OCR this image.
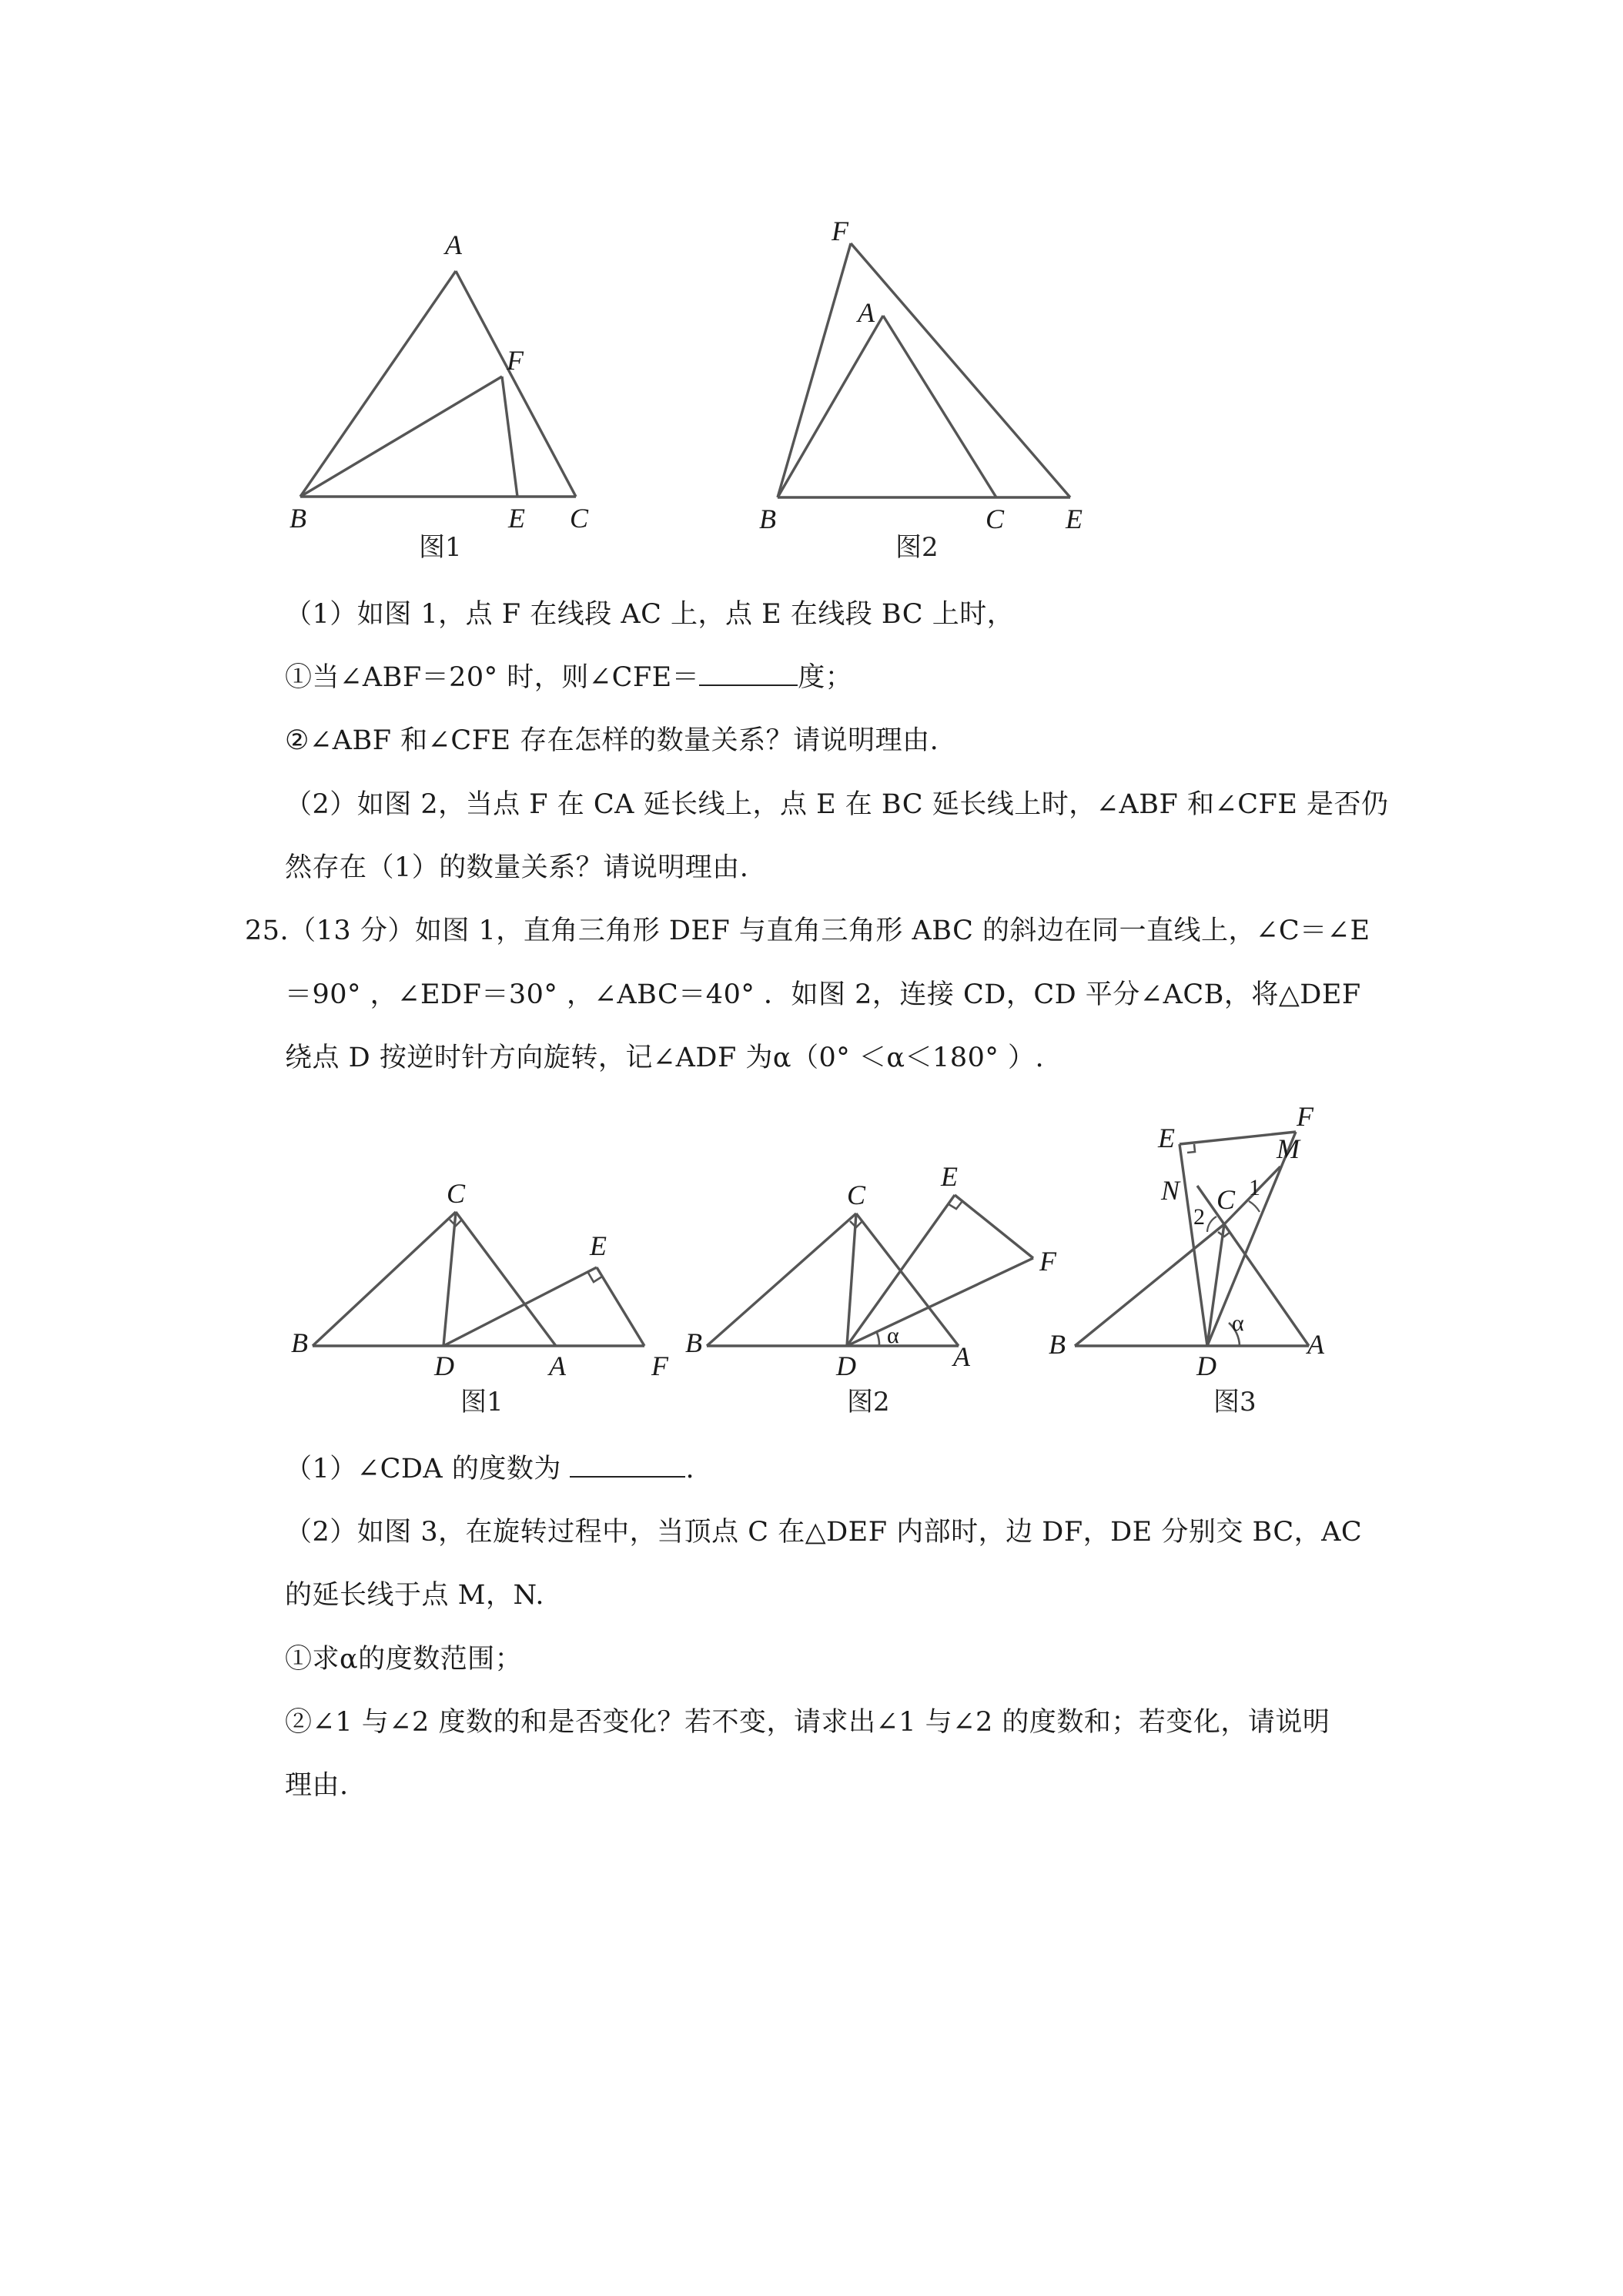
A
F
B	E C
图1
F
A
B	C E
图2
（1）如图 1，点 F 在线段 AC 上，点 E 在线段 BC 上时，
①当∠ABF＝20° 时，则∠CFE＝	度；
②∠ABF 和∠CFE 存在怎样的数量关系？请说明理由.
（2）如图 2，当点 F 在 CA 延长线上，点 E 在 BC 延长线上时，∠ABF 和∠CFE 是否仍
然存在（1）的数量关系？请说明理由.
25.（13 分）如图 1，直角三角形 DEF 与直角三角形 ABC 的斜边在同一直线上，∠C＝∠E
＝90° ，∠EDF＝30° ，∠ABC＝40° ．如图 2，连接 CD，CD 平分∠ACB，将△DEF
绕点 D 按逆时针方向旋转，记∠ADF 为α（0° ＜α＜180° ）.
C
E
B
D	A	F
图1
C
E
F
B
D	A
α
图2
E
F
M
N C 1
2
α
B
D
A
图3
（1）∠CDA 的度数为	.
（2）如图 3，在旋转过程中，当顶点 C 在△DEF 内部时，边 DF，DE 分别交 BC，AC
的延长线于点 M，N.
①求α的度数范围；
②∠1 与∠2 度数的和是否变化？若不变，请求出∠1 与∠2 的度数和；若变化，请说明
理由.
